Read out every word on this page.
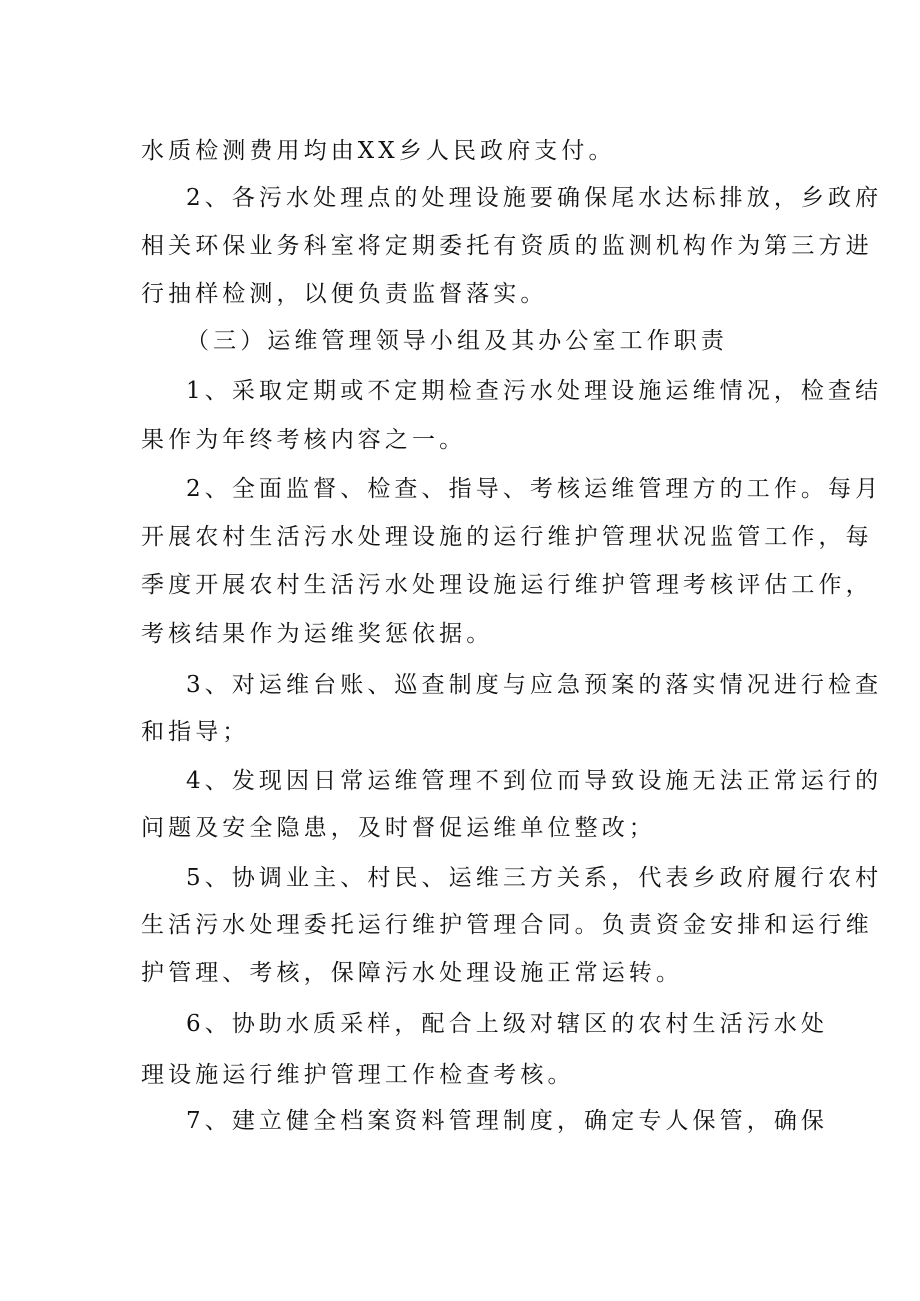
水质检测费用均由XX乡人民政府支付。
2、各污水处理点的处理设施要确保尾水达标排放，乡政府
相关环保业务科室将定期委托有资质的监测机构作为第三方进
行抽样检测，以便负责监督落实。
（三）运维管理领导小组及其办公室工作职责
1、采取定期或不定期检查污水处理设施运维情况，检查结
果作为年终考核内容之一。
2、全面监督、检查、指导、考核运维管理方的工作。每月
开展农村生活污水处理设施的运行维护管理状况监管工作，每
季度开展农村生活污水处理设施运行维护管理考核评估工作，
考核结果作为运维奖惩依据。
3、对运维台账、巡查制度与应急预案的落实情况进行检查
和指导；
4、发现因日常运维管理不到位而导致设施无法正常运行的
问题及安全隐患，及时督促运维单位整改；
5、协调业主、村民、运维三方关系，代表乡政府履行农村
生活污水处理委托运行维护管理合同。负责资金安排和运行维
护管理、考核，保障污水处理设施正常运转。
6、协助水质采样，配合上级对辖区的农村生活污水处
理设施运行维护管理工作检查考核。
7、建立健全档案资料管理制度，确定专人保管，确保
